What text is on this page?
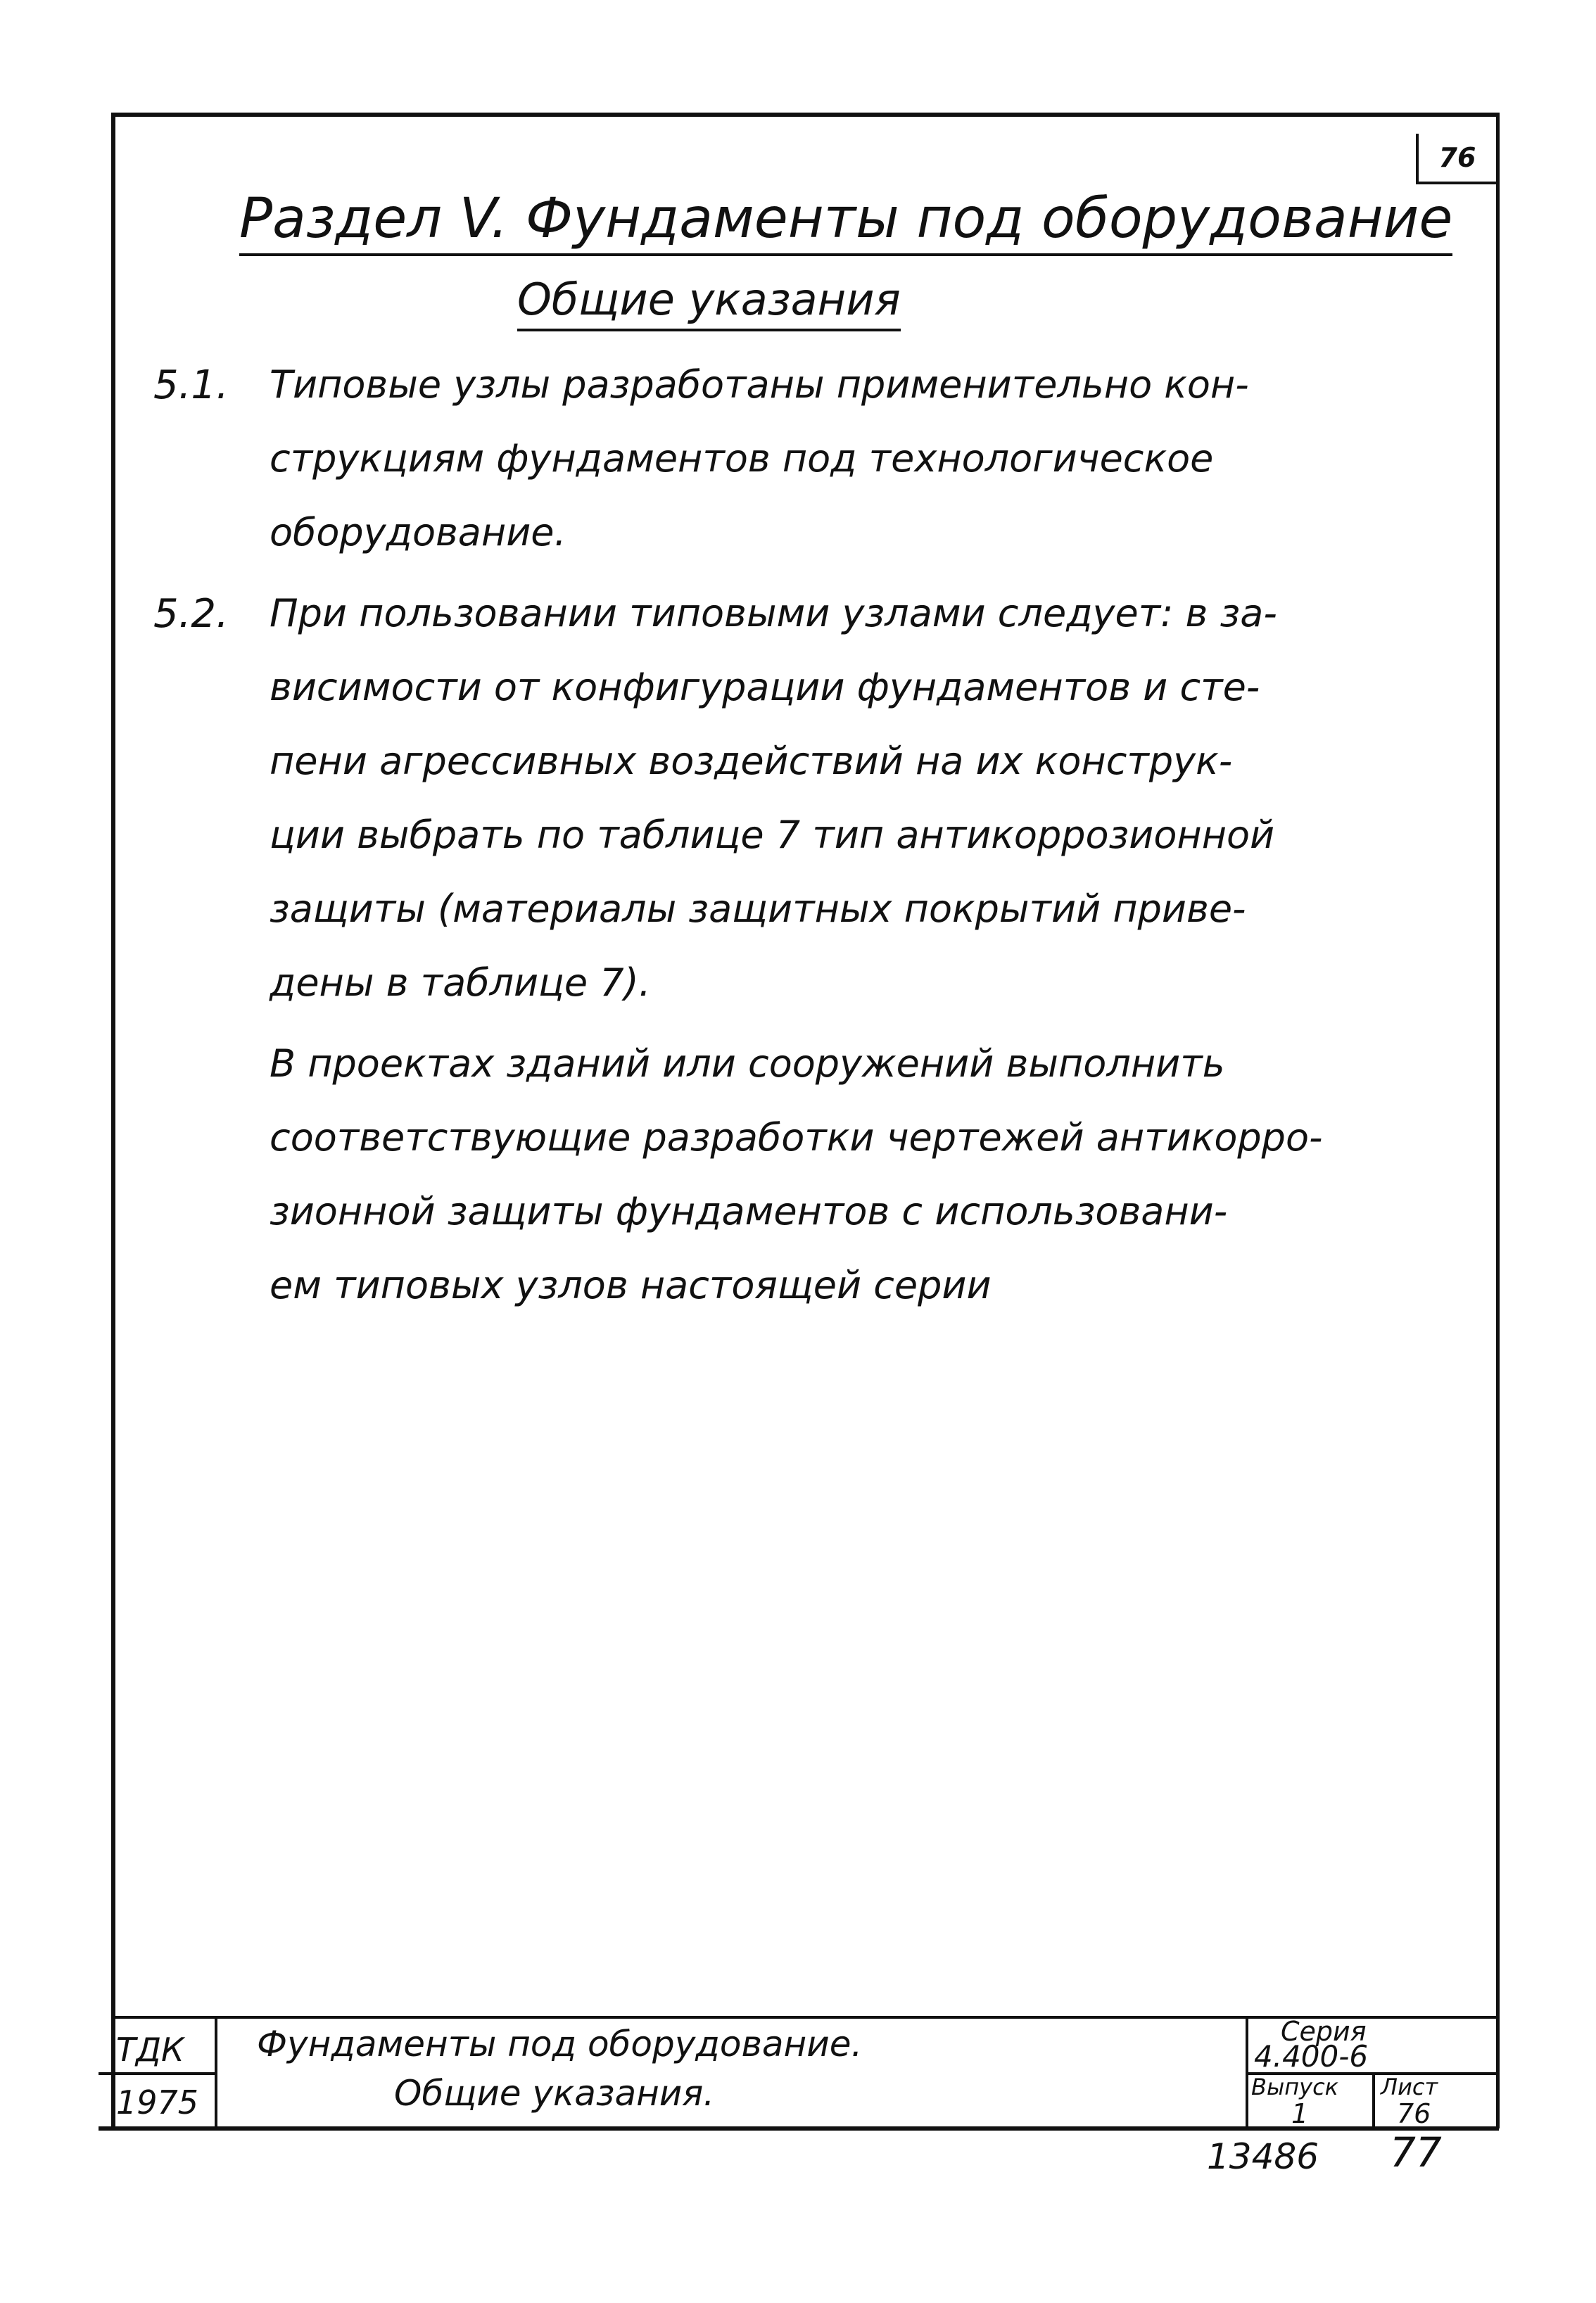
76
Раздел V. Фундаменты под оборудование
Общие указания
5.1. Типовые узлы разработаны применительно кон-
струкциям фундаментов под технологическое
оборудование.
5.2. При пользовании типовыми узлами следует: в за-
висимости от конфигурации фундаментов и сте-
пени агрессивных воздействий на их конструк-
ции выбрать по таблице 7 тип антикоррозионной
защиты (материалы защитных покрытий приве-
дены в таблице 7).
В проектах зданий или сооружений выполнить
соответствующие разработки чертежей антикорро-
зионной защиты фундаментов с использовани-
ем типовых узлов настоящей серии
ТДК
1975
Фундаменты под оборудование.
Общие указания.
Серия
4.400-6
Выпуск
1
Лист
76
13486 77
